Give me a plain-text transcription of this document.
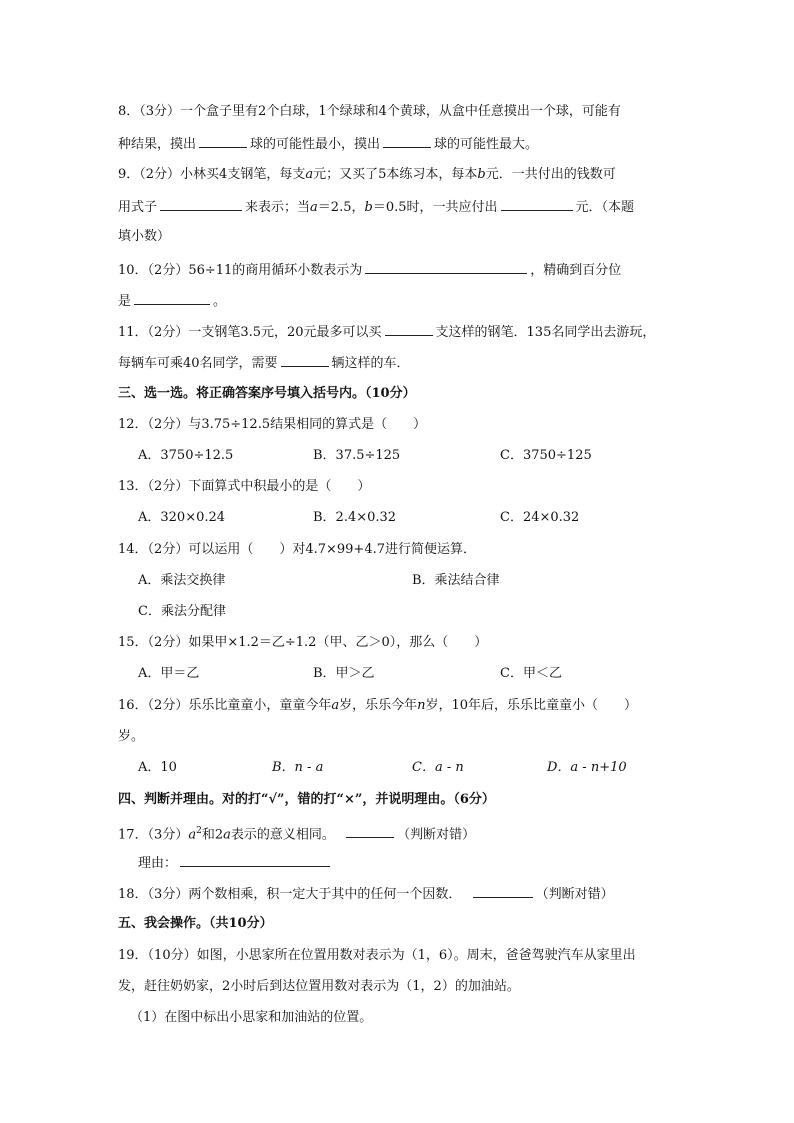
8．（3分）一个盒子里有2个白球，1个绿球和4个黄球，从盒中任意摸出一个球，可能有
种结果，摸出	球的可能性最小，摸出	球的可能性最大。
9．（2分）小林买4支钢笔，每支a元；又买了5本练习本，每本b元．一共付出的钱数可
用式子	来表示；当a＝2.5，b＝0.5时，一共应付出	元．（本题
填小数）
10．（2分）56÷11的商用循环小数表示为	，精确到百分位
是	。
11．（2分）一支钢笔3.5元，20元最多可以买	支这样的钢笔．135名同学出去游玩，
每辆车可乘40名同学，需要	辆这样的车．
三、选一选。将正确答案序号填入括号内。（10分）
12．（2分）与3.75÷12.5结果相同的算式是（　　）
A．3750÷12.5	B．37.5÷125	C．3750÷125
13．（2分）下面算式中积最小的是（　　）
A．320×0.24	B．2.4×0.32	C．24×0.32
14．（2分）可以运用（　　）对4.7×99+4.7进行简便运算．
A．乘法交换律	B．乘法结合律
C．乘法分配律
15．（2分）如果甲×1.2＝乙÷1.2（甲、乙＞0），那么（　　）
A．甲＝乙	B．甲＞乙	C．甲＜乙
16．（2分）乐乐比童童小，童童今年a岁，乐乐今年n岁，10年后，乐乐比童童小（　　）
岁。
A．10	B．n - a	C．a - n	D．a - n+10
四、判断并理由。对的打“√”，错的打“×”，并说明理由。（6分）
17．（3分）$a^2$和2a表示的意义相同。	（判断对错）
理由：
18．（3分）两个数相乘，积一定大于其中的任何一个因数．	（判断对错）
五、我会操作。（共10分）
19．（10分）如图，小思家所在位置用数对表示为（1，6）。周末，爸爸驾驶汽车从家里出
发，赶往奶奶家，2小时后到达位置用数对表示为（1，2）的加油站。
（1）在图中标出小思家和加油站的位置。
